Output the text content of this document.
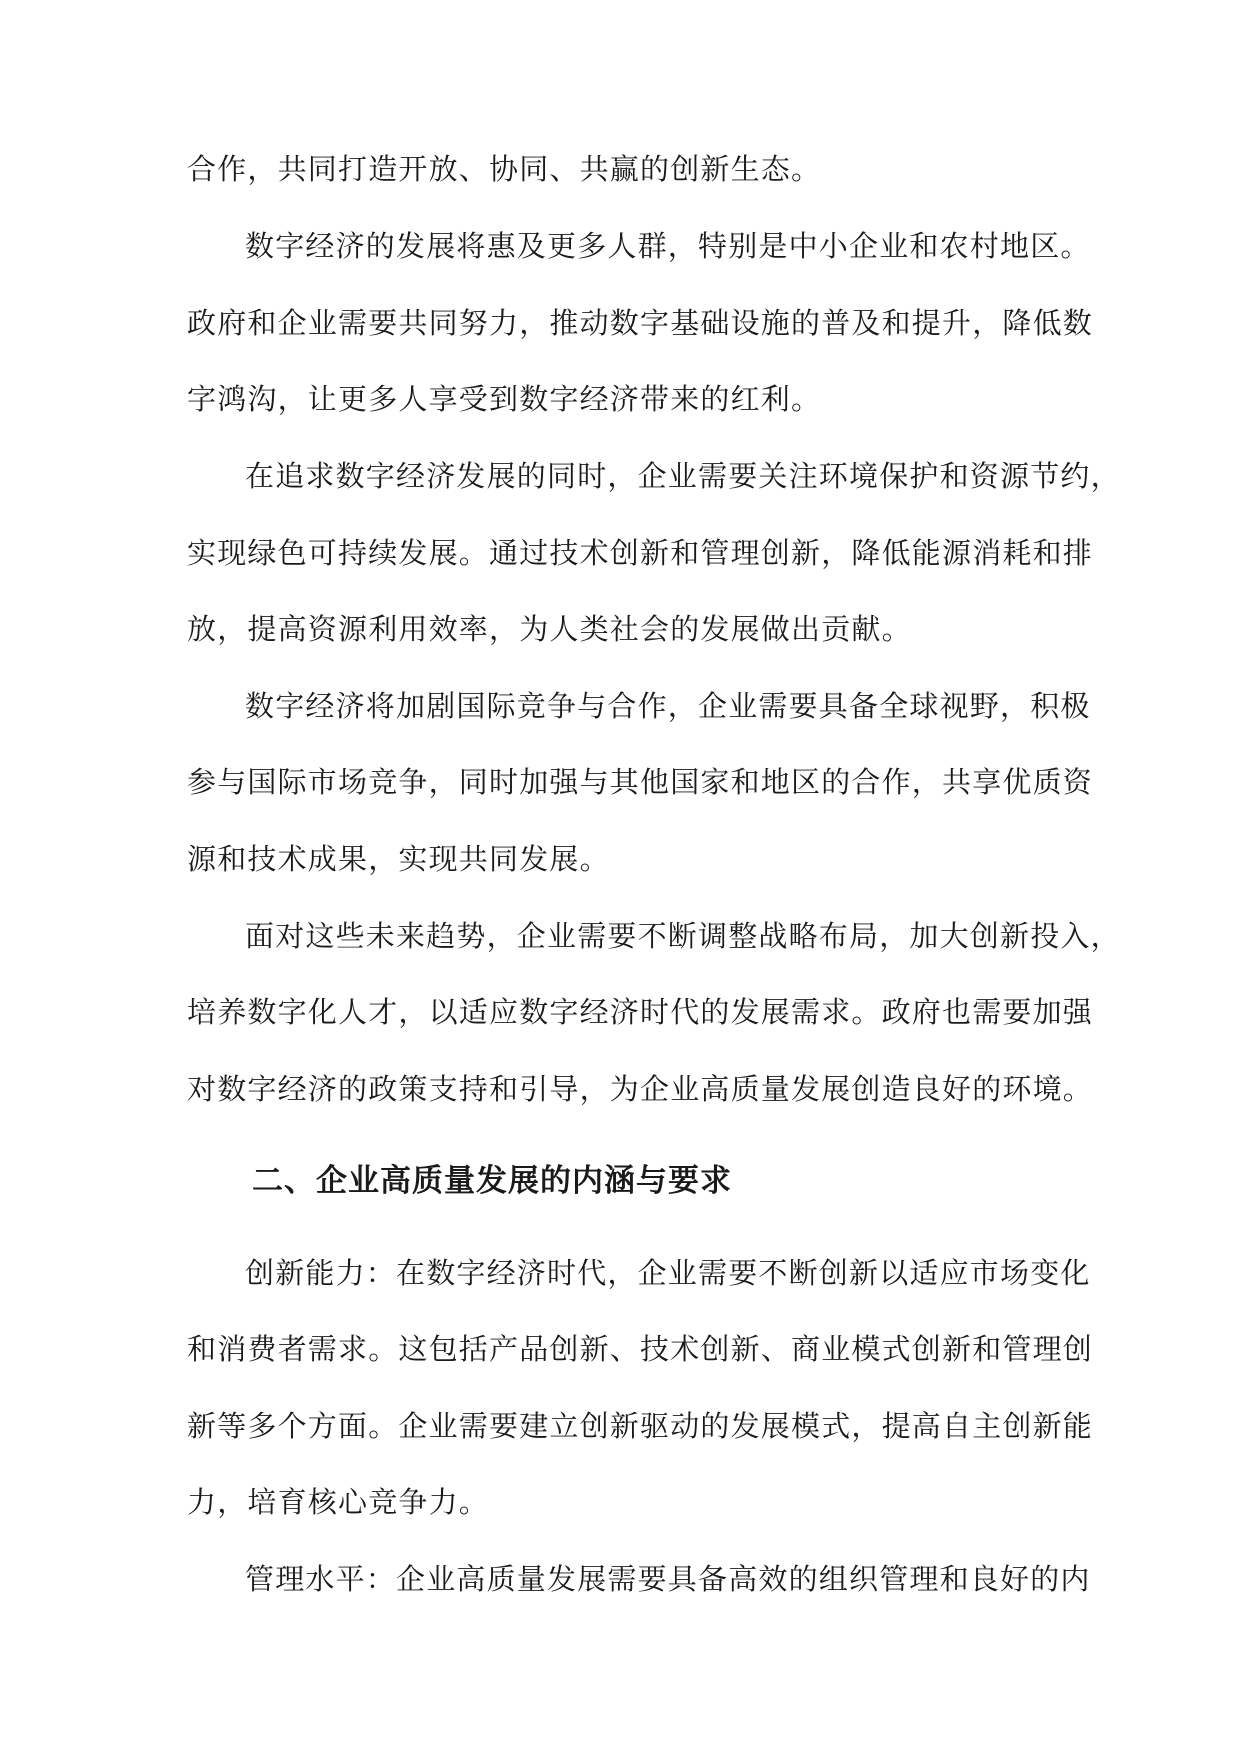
合作，共同打造开放、协同、共赢的创新生态。
数字经济的发展将惠及更多人群，特别是中小企业和农村地区。
政府和企业需要共同努力，推动数字基础设施的普及和提升，降低数
字鸿沟，让更多人享受到数字经济带来的红利。
在追求数字经济发展的同时，企业需要关注环境保护和资源节约，
实现绿色可持续发展。通过技术创新和管理创新，降低能源消耗和排
放，提高资源利用效率，为人类社会的发展做出贡献。
数字经济将加剧国际竞争与合作，企业需要具备全球视野，积极
参与国际市场竞争，同时加强与其他国家和地区的合作，共享优质资
源和技术成果，实现共同发展。
面对这些未来趋势，企业需要不断调整战略布局，加大创新投入，
培养数字化人才，以适应数字经济时代的发展需求。政府也需要加强
对数字经济的政策支持和引导，为企业高质量发展创造良好的环境。
二、企业高质量发展的内涵与要求
创新能力：在数字经济时代，企业需要不断创新以适应市场变化
和消费者需求。这包括产品创新、技术创新、商业模式创新和管理创
新等多个方面。企业需要建立创新驱动的发展模式，提高自主创新能
力，培育核心竞争力。
管理水平：企业高质量发展需要具备高效的组织管理和良好的内
